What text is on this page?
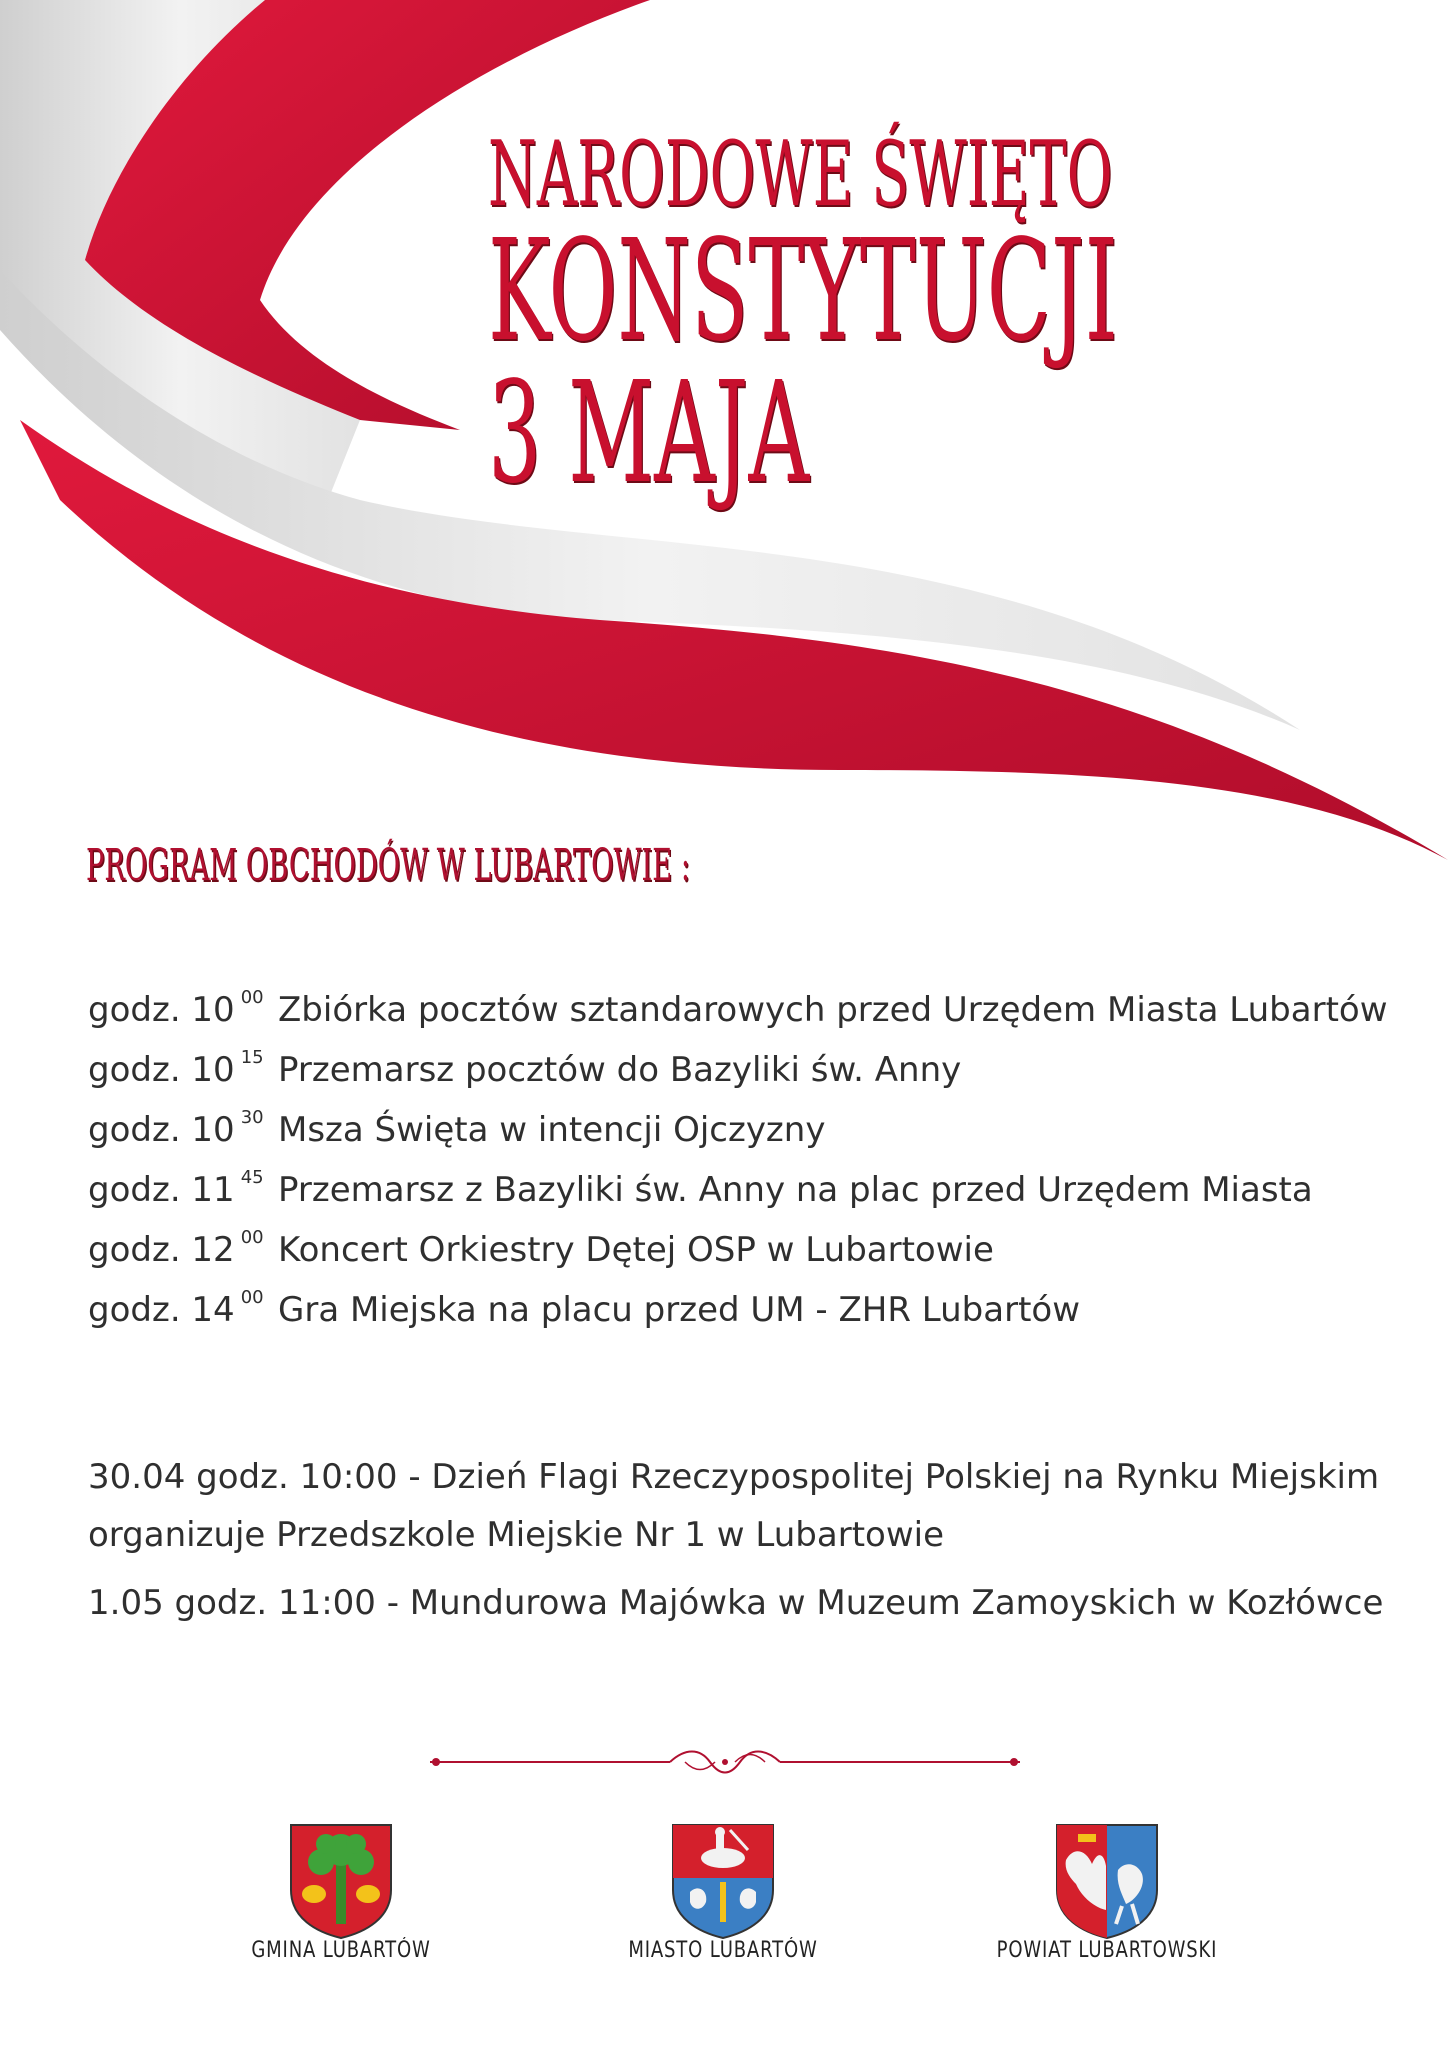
NARODOWE ŚWIĘTO
KONSTYTUCJI
3 MAJA
PROGRAM OBCHODÓW W LUBARTOWIE :
godz. 10 $^{00}$ Zbiórka pocztów sztandarowych przed Urzędem Miasta Lubartów
godz. 10 $^{15}$ Przemarsz pocztów do Bazyliki św. Anny
godz. 10 $^{30}$ Msza Święta w intencji Ojczyzny
godz. 11 $^{45}$ Przemarsz z Bazyliki św. Anny na plac przed Urzędem Miasta
godz. 12 $^{00}$ Koncert Orkiestry Dętej OSP w Lubartowie
godz. 14 $^{00}$ Gra Miejska na placu przed UM - ZHR Lubartów
30.04 godz. 10:00 - Dzień Flagi Rzeczypospolitej Polskiej na Rynku Miejskim
organizuje Przedszkole Miejskie Nr 1 w Lubartowie
1.05 godz. 11:00 - Mundurowa Majówka w Muzeum Zamoyskich w Kozłówce
GMINA LUBARTÓW	MIASTO LUBARTÓW	POWIAT LUBARTOWSKI
